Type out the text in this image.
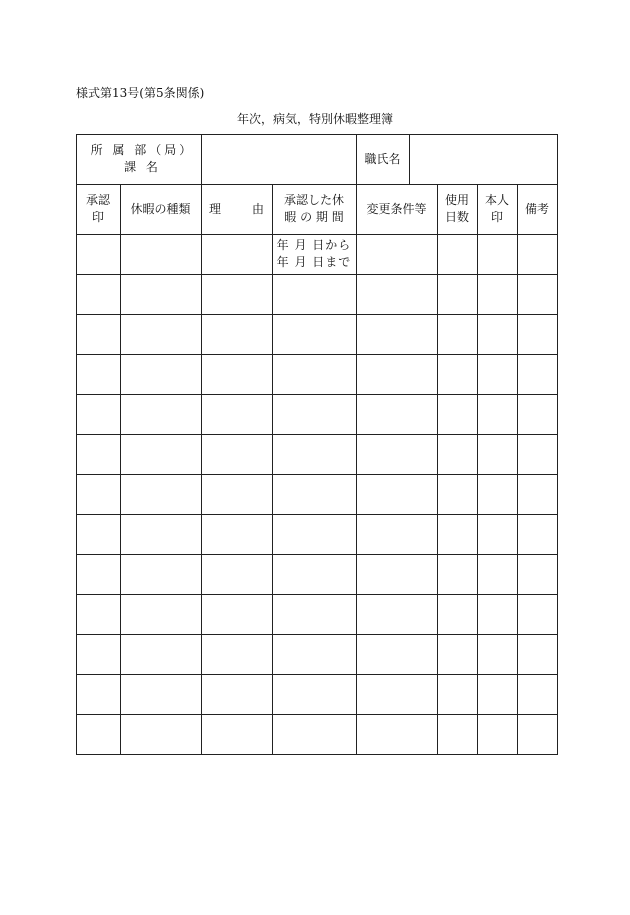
様式第13号(第5条関係)
年次，病気，特別休暇整理簿
所 属 部（局）課 名
職氏名
承認
印
休暇の種類	理	由
承認した休
暇 の 期 間
変更条件等
使用
日数
本人
印
備考
年 月 日から
年 月 日まで
